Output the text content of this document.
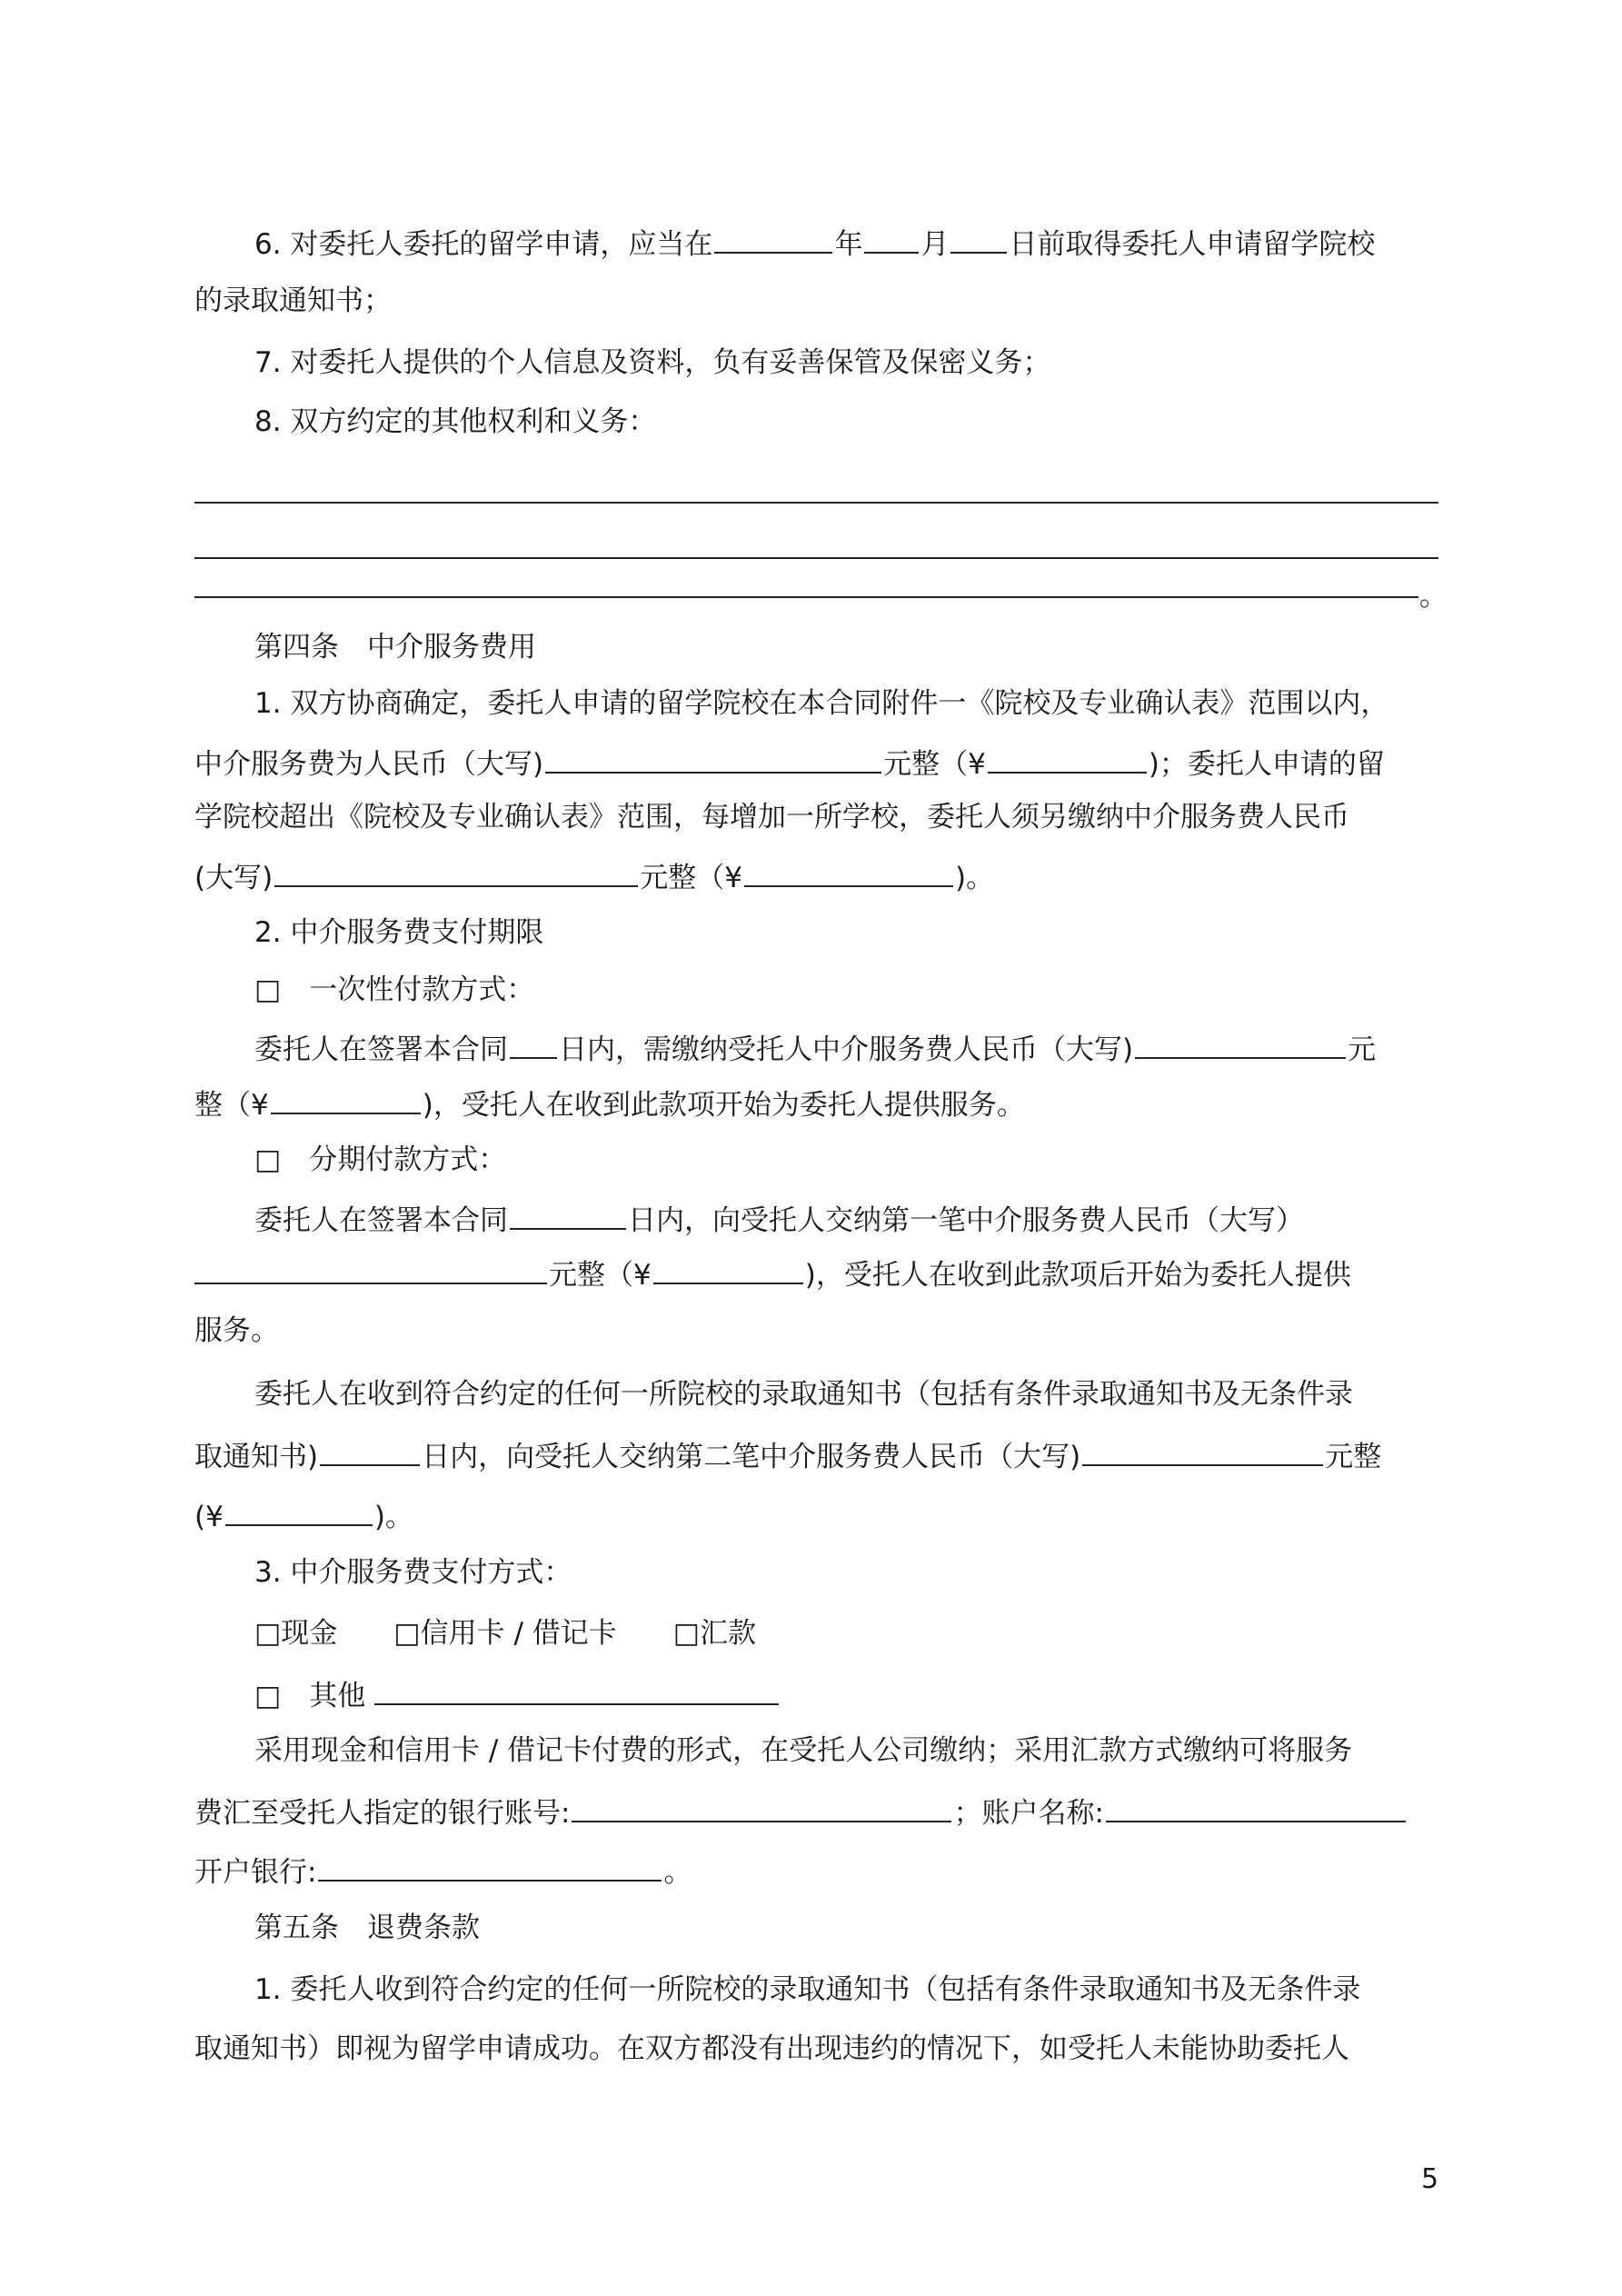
6. 对委托人委托的留学申请，应当在	年 月 日前取得委托人申请留学院校
的录取通知书；
7. 对委托人提供的个人信息及资料，负有妥善保管及保密义务；
8. 双方约定的其他权利和义务：
。
第四条　中介服务费用
1. 双方协商确定，委托人申请的留学院校在本合同附件一《院校及专业确认表》范围以内，
中介服务费为人民币（大写)	元整（¥	)；委托人申请的留
学院校超出《院校及专业确认表》范围，每增加一所学校，委托人须另缴纳中介服务费人民币
(大写)	元整（¥	)。
2. 中介服务费支付期限
□　一次性付款方式：
委托人在签署本合同 日内，需缴纳受托人中介服务费人民币（大写)	元
整（¥	)，受托人在收到此款项开始为委托人提供服务。
□　分期付款方式：
委托人在签署本合同	日内，向受托人交纳第一笔中介服务费人民币（大写）
元整（¥	)，受托人在收到此款项后开始为委托人提供
服务。
委托人在收到符合约定的任何一所院校的录取通知书（包括有条件录取通知书及无条件录
取通知书)	日内，向受托人交纳第二笔中介服务费人民币（大写)	元整
(¥	)。
3. 中介服务费支付方式：
□现金 □信用卡 / 借记卡 □汇款
□　其他
采用现金和信用卡 / 借记卡付费的形式，在受托人公司缴纳；采用汇款方式缴纳可将服务
费汇至受托人指定的银行账号:	；账户名称:
开户银行:	。
第五条　退费条款
1. 委托人收到符合约定的任何一所院校的录取通知书（包括有条件录取通知书及无条件录
取通知书）即视为留学申请成功。在双方都没有出现违约的情况下，如受托人未能协助委托人
5
